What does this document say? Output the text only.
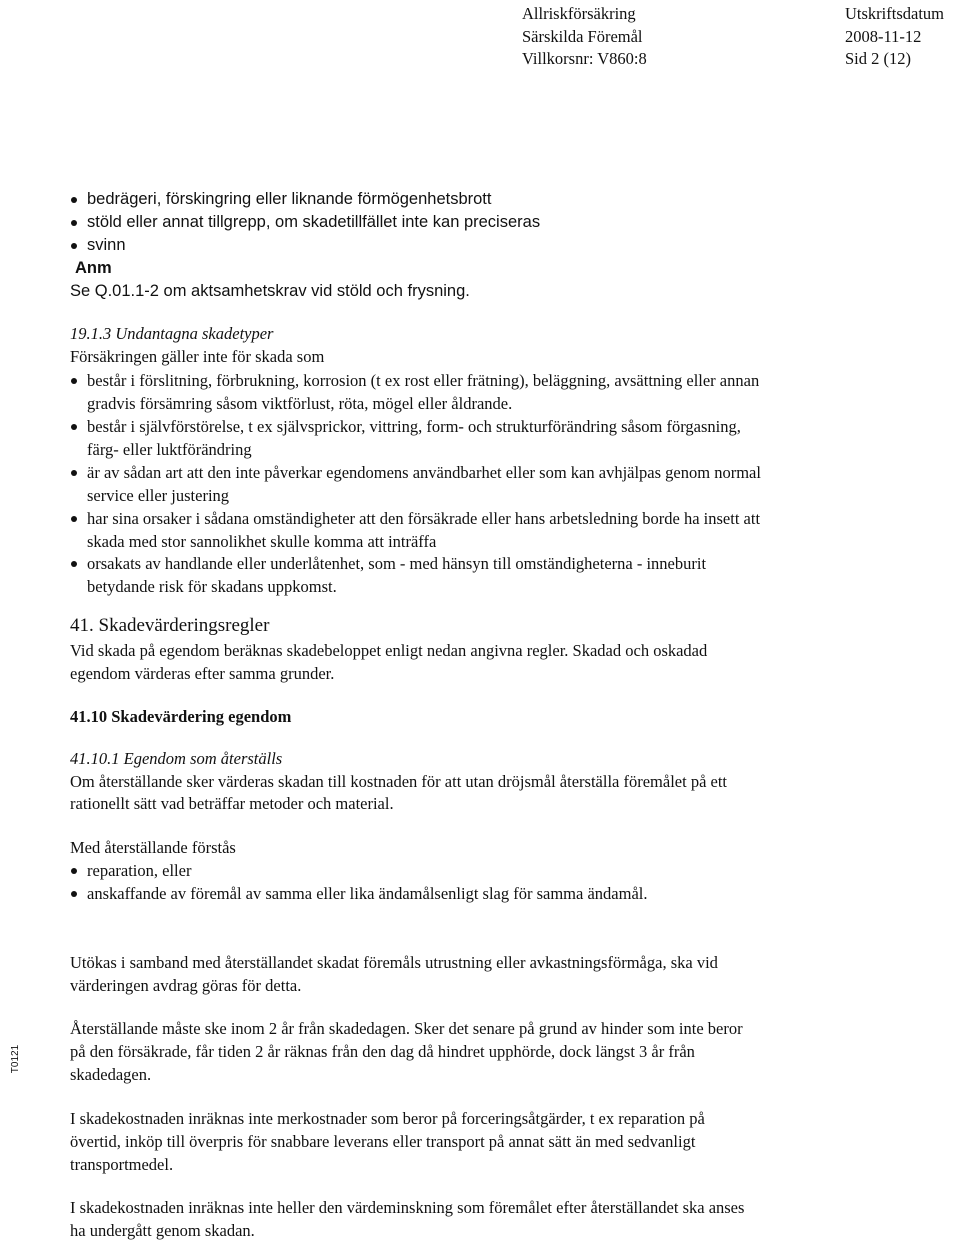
Allriskförsäkring
Särskilda Föremål
Villkorsnr: V860:8
Utskriftsdatum
2008-11-12
Sid 2 (12)
bedrägeri, förskingring eller liknande förmögenhetsbrott
stöld eller annat tillgrepp, om skadetillfället inte kan preciseras
svinn
Anm
Se Q.01.1-2 om aktsamhetskrav vid stöld och frysning.
19.1.3 Undantagna skadetyper
Försäkringen gäller inte för skada som
består i förslitning, förbrukning, korrosion (t ex rost eller frätning), beläggning, avsättning eller annan
gradvis försämring såsom viktförlust, röta, mögel eller åldrande.
består i självförstörelse, t ex självsprickor, vittring, form- och strukturförändring såsom förgasning,
färg- eller luktförändring
är av sådan art att den inte påverkar egendomens användbarhet eller som kan avhjälpas genom normal
service eller justering
har sina orsaker i sådana omständigheter att den försäkrade eller hans arbetsledning borde ha insett att
skada med stor sannolikhet skulle komma att inträffa
orsakats av handlande eller underlåtenhet, som - med hänsyn till omständigheterna - inneburit
betydande risk för skadans uppkomst.
41. Skadevärderingsregler
Vid skada på egendom beräknas skadebeloppet enligt nedan angivna regler. Skadad och oskadad
egendom värderas efter samma grunder.
41.10 Skadevärdering egendom
41.10.1 Egendom som återställs
Om återställande sker värderas skadan till kostnaden för att utan dröjsmål återställa föremålet på ett
rationellt sätt vad beträffar metoder och material.
Med återställande förstås
reparation, eller
anskaffande av föremål av samma eller lika ändamålsenligt slag för samma ändamål.
Utökas i samband med återställandet skadat föremåls utrustning eller avkastningsförmåga, ska vid
värderingen avdrag göras för detta.
Återställande måste ske inom 2 år från skadedagen. Sker det senare på grund av hinder som inte beror
på den försäkrade, får tiden 2 år räknas från den dag då hindret upphörde, dock längst 3 år från
skadedagen.
I skadekostnaden inräknas inte merkostnader som beror på forceringsåtgärder, t ex reparation på
övertid, inköp till överpris för snabbare leverans eller transport på annat sätt än med sedvanligt
transportmedel.
I skadekostnaden inräknas inte heller den värdeminskning som föremålet efter återställandet ska anses
ha undergått genom skadan.
T0121
